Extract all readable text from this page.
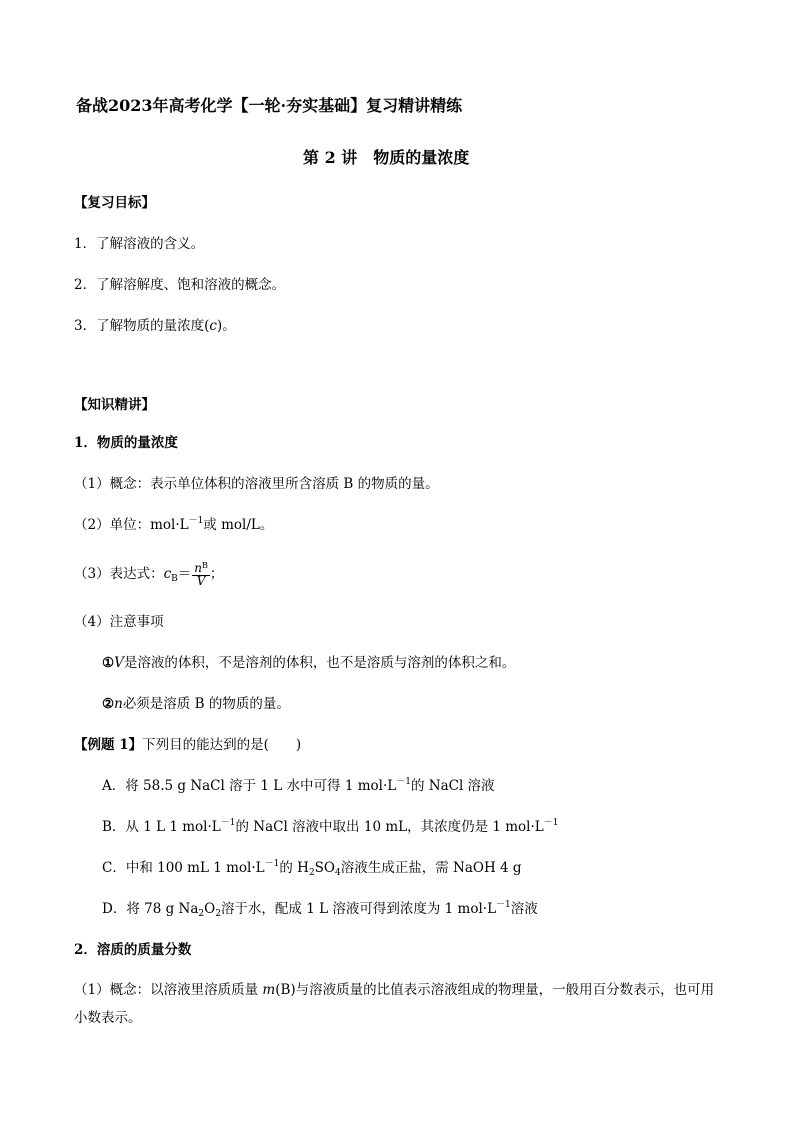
备战2023年高考化学【一轮·夯实基础】复习精讲精练
第 2 讲　物质的量浓度
【复习目标】
1．了解溶液的含义。
2．了解溶解度、饱和溶液的概念。
3．了解物质的量浓度(c)。
【知识精讲】
1．物质的量浓度
（1）概念：表示单位体积的溶液里所含溶质 B 的物质的量。
（2）单位：$mol\cdot L^{-1}$或 mol/L。
（3）表达式：$c_B= \frac{n^B}{V}$ ；
（4）注意事项
①V是溶液的体积，不是溶剂的体积，也不是溶质与溶剂的体积之和。
②n必须是溶质 B 的物质的量。
【例题 1】下列目的能达到的是(　　)
A．将 58.5 g NaCl 溶于 1 L 水中可得 1 $mol\cdot L^{-1}$的 NaCl 溶液
B．从 1 L 1 $mol\cdot L^{-1}$的 NaCl 溶液中取出 10 mL，其浓度仍是 1 $mol\cdot L^{-1}$
C．中和 100 mL 1 $mol\cdot L^{-1}$的 $H_2SO_4$溶液生成正盐，需 NaOH 4 g
D．将 78 g $Na_2O_2$溶于水，配成 1 L 溶液可得到浓度为 1 $mol\cdot L^{-1}$溶液
2．溶质的质量分数
（1）概念：以溶液里溶质质量 m(B)与溶液质量的比值表示溶液组成的物理量，一般用百分数表示，也可用
小数表示。
